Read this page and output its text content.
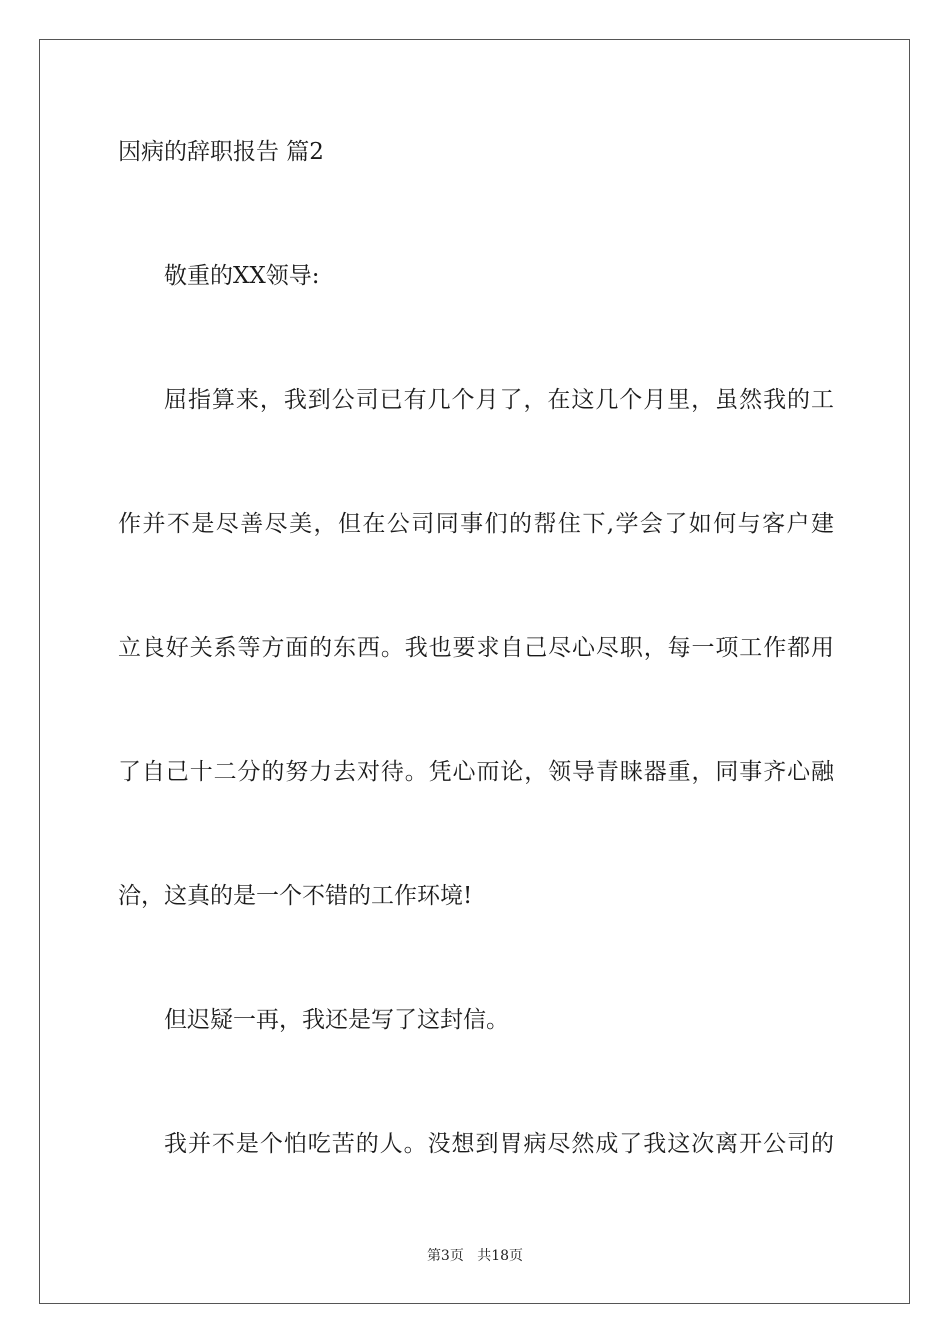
因病的辞职报告 篇2

敬重的XX领导:

屈指算来，我到公司已有几个月了，在这几个月里，虽然我的工

作并不是尽善尽美，但在公司同事们的帮住下,学会了如何与客户建

立良好关系等方面的东西。我也要求自己尽心尽职，每一项工作都用

了自己十二分的努力去对待。凭心而论，领导青睐器重，同事齐心融

洽，这真的是一个不错的工作环境!

但迟疑一再，我还是写了这封信。

我并不是个怕吃苦的人。没想到胃病尽然成了我这次离开公司的

第3页 共18页
